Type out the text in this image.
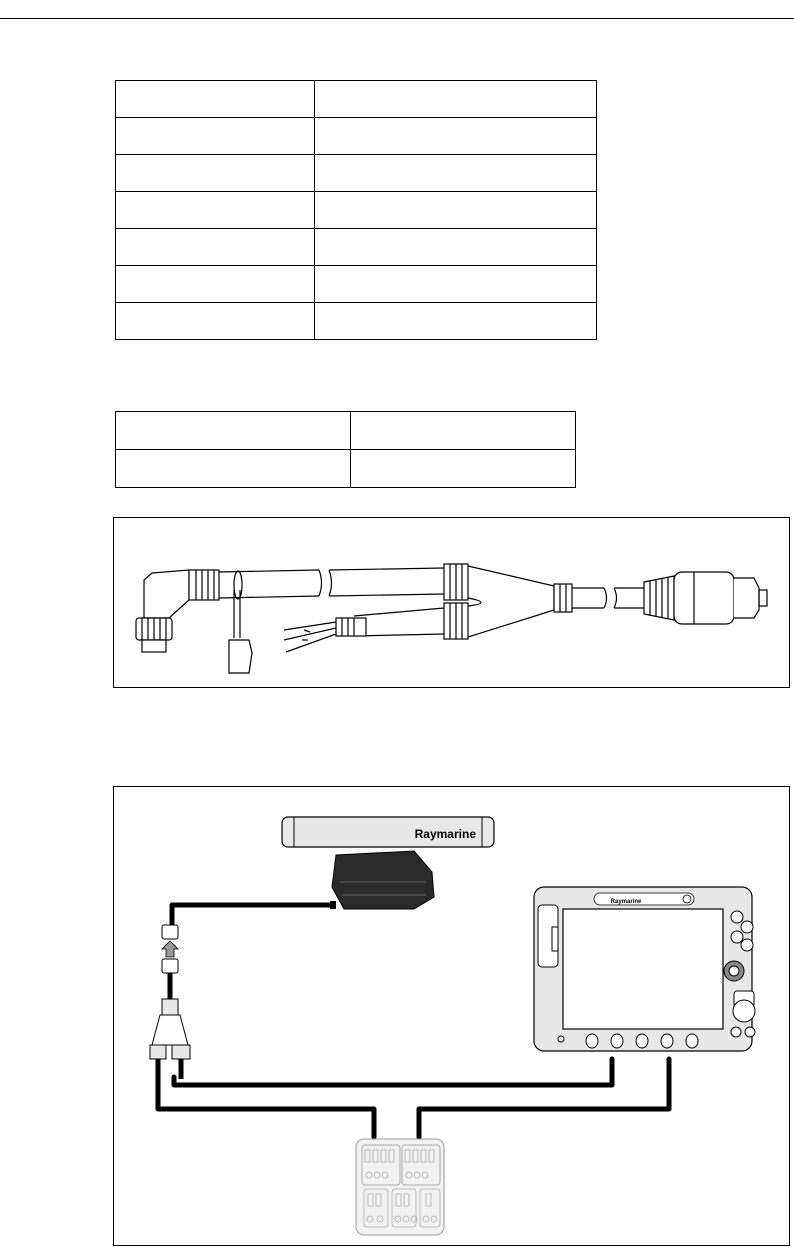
Raymarine
Raymarine
